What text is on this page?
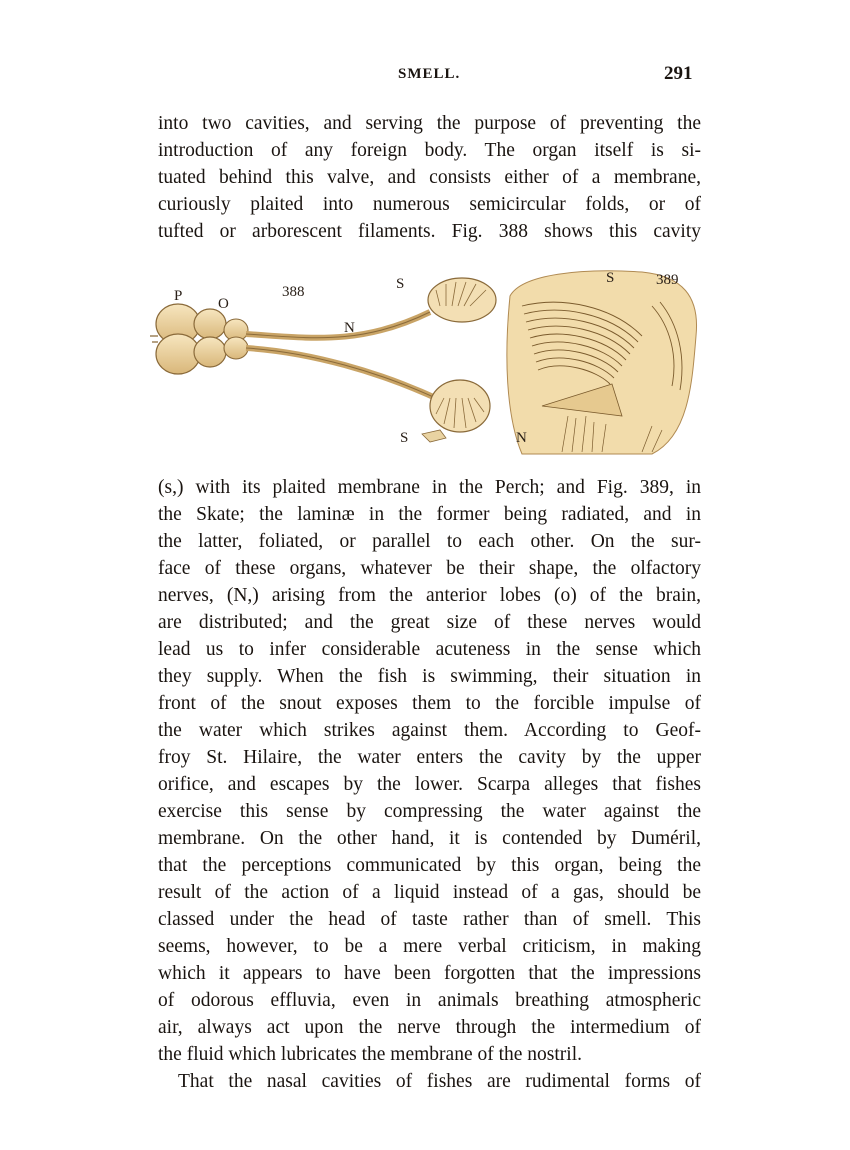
SMELL.	291
into two cavities, and serving the purpose of preventing the
introduction of any foreign body. The organ itself is si-
tuated behind this valve, and consists either of a membrane,
curiously plaited into numerous semicircular folds, or of
tufted or arborescent filaments. Fig. 388 shows this cavity
P O
388
N
S
S
S	389
N
(s,) with its plaited membrane in the Perch; and Fig. 389, in
the Skate; the laminæ in the former being radiated, and in
the latter, foliated, or parallel to each other. On the sur-
face of these organs, whatever be their shape, the olfactory
nerves, (N,) arising from the anterior lobes (o) of the brain,
are distributed; and the great size of these nerves would
lead us to infer considerable acuteness in the sense which
they supply. When the fish is swimming, their situation in
front of the snout exposes them to the forcible impulse of
the water which strikes against them. According to Geof-
froy St. Hilaire, the water enters the cavity by the upper
orifice, and escapes by the lower. Scarpa alleges that fishes
exercise this sense by compressing the water against the
membrane. On the other hand, it is contended by Duméril,
that the perceptions communicated by this organ, being the
result of the action of a liquid instead of a gas, should be
classed under the head of taste rather than of smell. This
seems, however, to be a mere verbal criticism, in making
which it appears to have been forgotten that the impressions
of odorous effluvia, even in animals breathing atmospheric
air, always act upon the nerve through the intermedium of
the fluid which lubricates the membrane of the nostril.
That the nasal cavities of fishes are rudimental forms of
